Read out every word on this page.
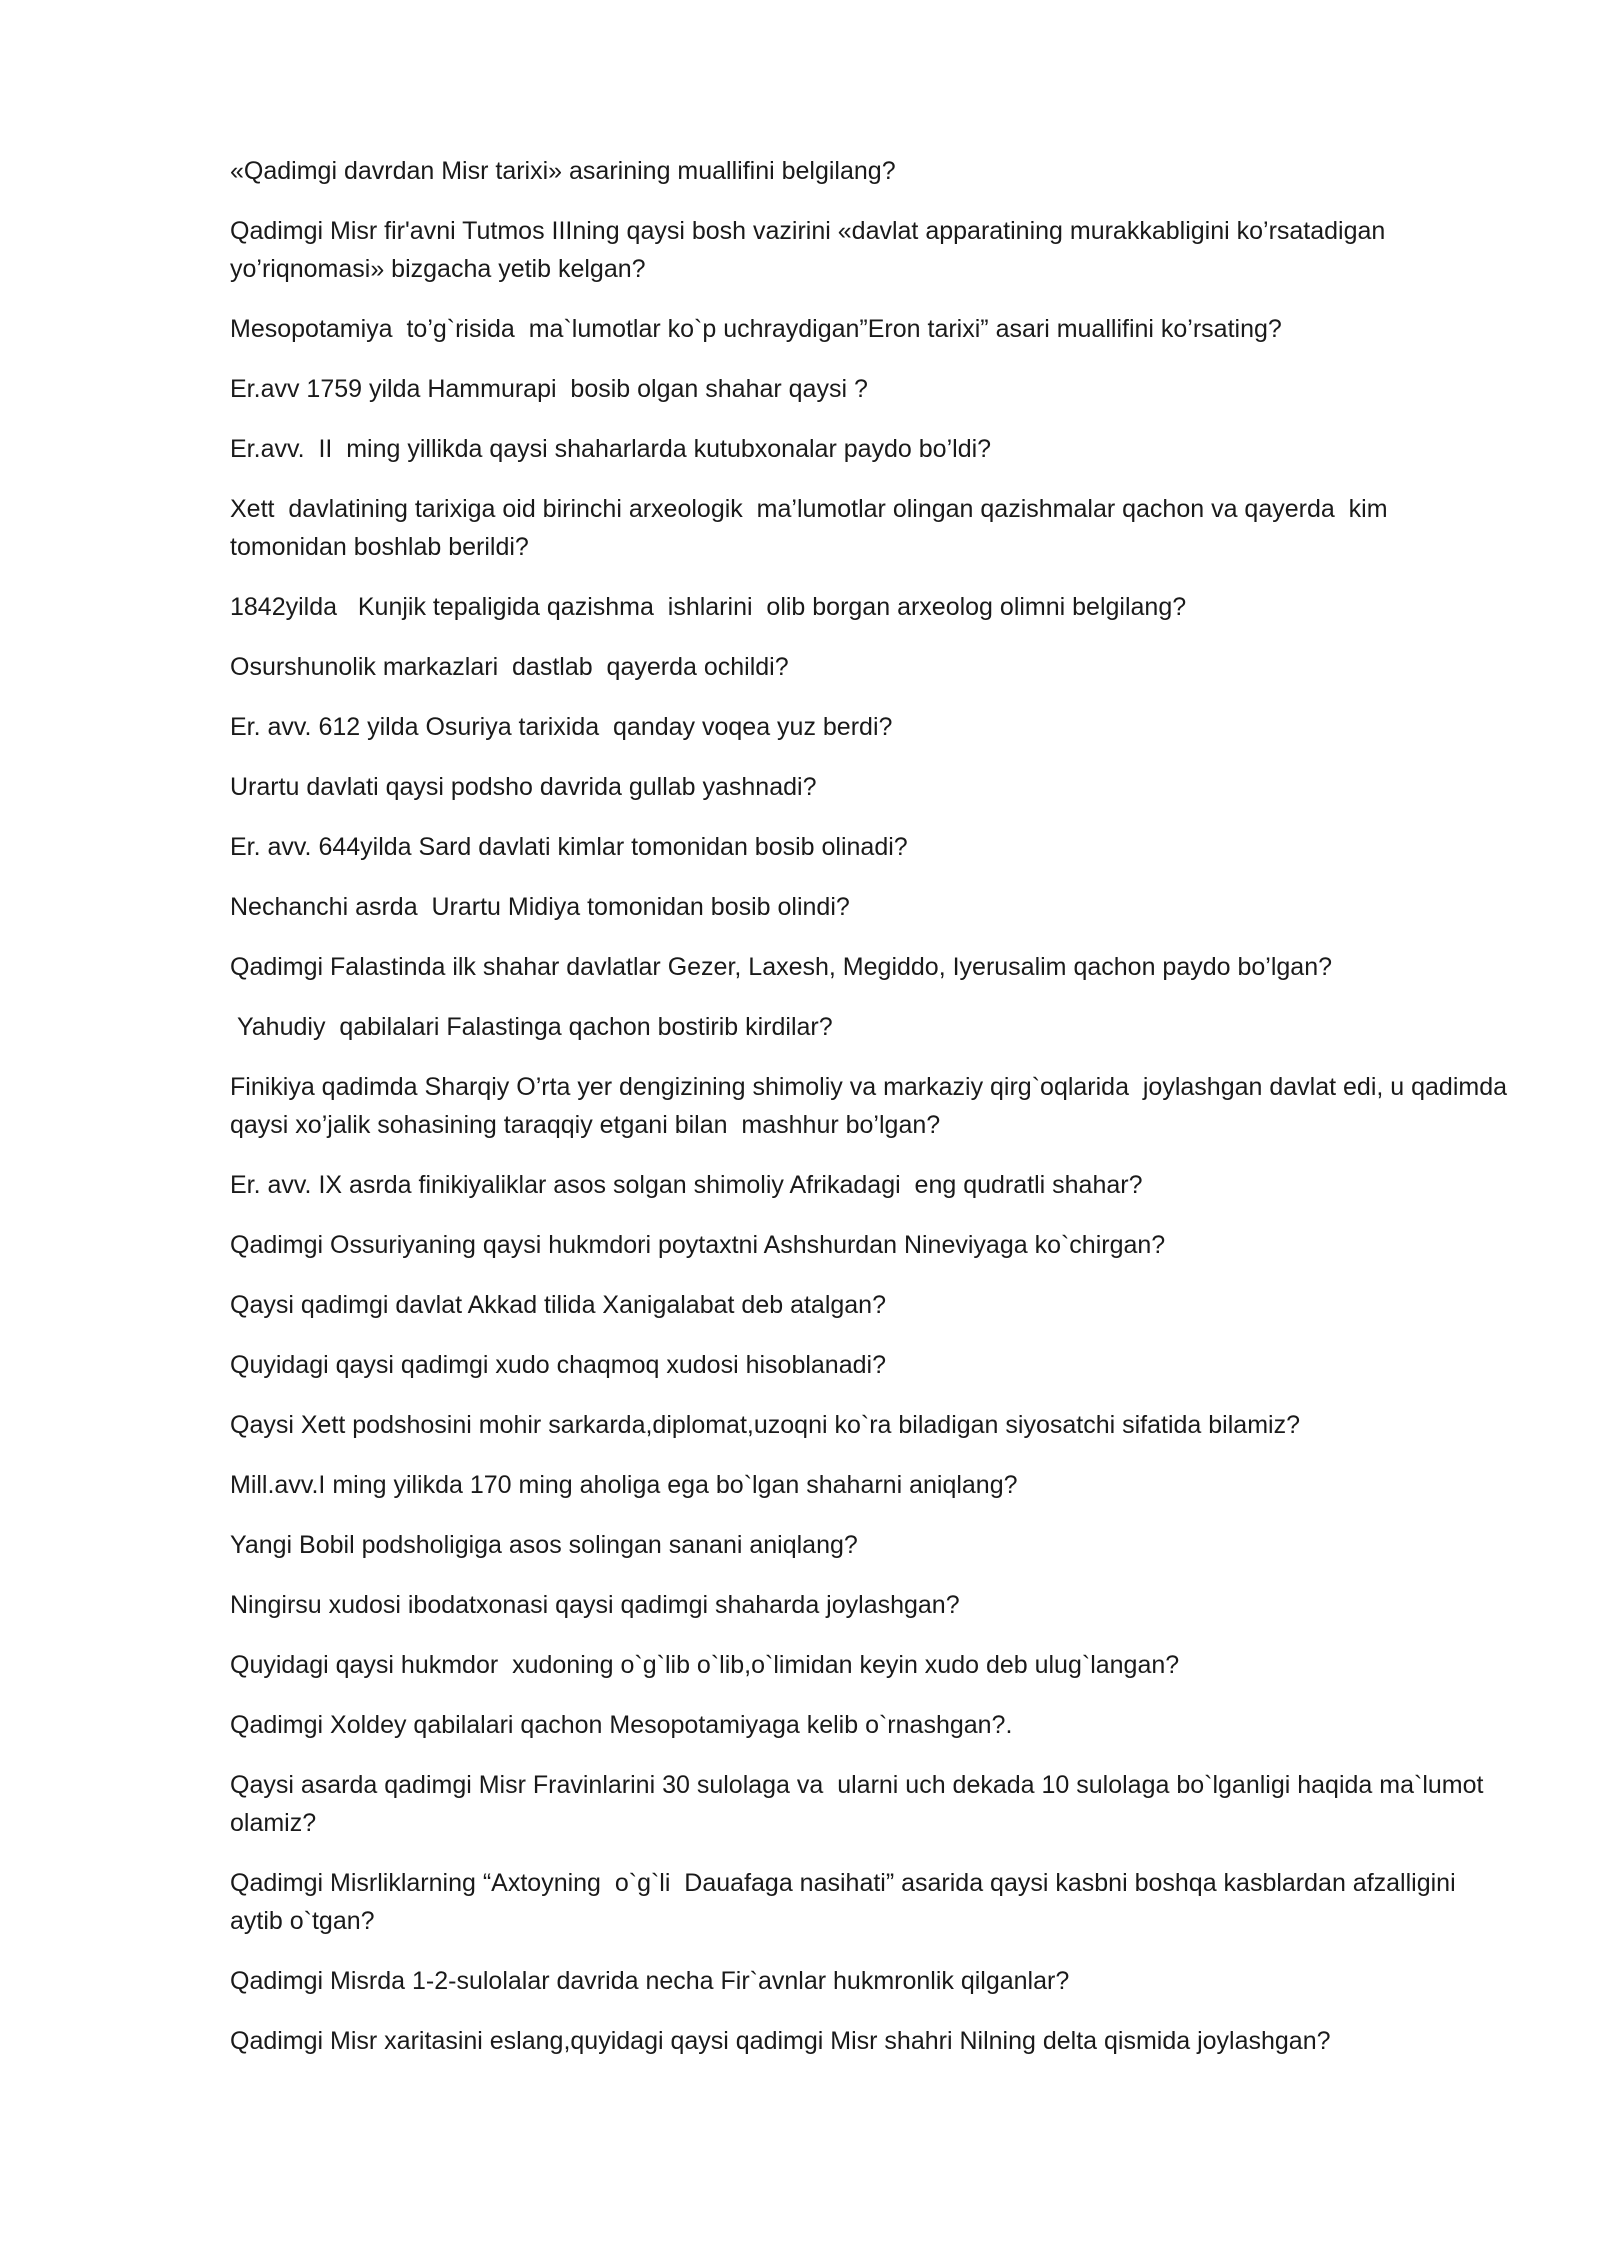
«Qadimgi davrdan Misr tarixi» asarining muallifini belgilang?

Qadimgi Misr fir'avni Tutmos IIIning qaysi bosh vazirini «davlat apparatining murakkabligini ko’rsatadigan yo’riqnomasi» bizgacha yetib kelgan?

Mesopotamiya  to’g`risida  ma`lumotlar ko`p uchraydigan”Eron tarixi” asari muallifini ko’rsating?

Er.avv 1759 yilda Hammurapi  bosib olgan shahar qaysi ?

Er.avv.  II  ming yillikda qaysi shaharlarda kutubxonalar paydo bo’ldi?

Xett  davlatining tarixiga oid birinchi arxeologik  ma’lumotlar olingan qazishmalar qachon va qayerda  kim tomonidan boshlab berildi?

1842yilda   Kunjik tepaligida qazishma  ishlarini  olib borgan arxeolog olimni belgilang?

Osurshunolik markazlari  dastlab  qayerda ochildi?

Er. avv. 612 yilda Osuriya tarixida  qanday voqea yuz berdi?

Urartu davlati qaysi podsho davrida gullab yashnadi?

Er. avv. 644yilda Sard davlati kimlar tomonidan bosib olinadi?

Nechanchi asrda  Urartu Midiya tomonidan bosib olindi?

Qadimgi Falastinda ilk shahar davlatlar Gezer, Laxesh, Megiddo, Iyerusalim qachon paydo bo’lgan?

Yahudiy  qabilalari Falastinga qachon bostirib kirdilar?

Finikiya qadimda Sharqiy O’rta yer dengizining shimoliy va markaziy qirg`oqlarida  joylashgan davlat edi, u qadimda  qaysi xo’jalik sohasining taraqqiy etgani bilan  mashhur bo’lgan?

Er. avv. IX asrda finikiyaliklar asos solgan shimoliy Afrikadagi  eng qudratli shahar?

Qadimgi Ossuriyaning qaysi hukmdori poytaxtni Ashshurdan Nineviyaga ko`chirgan?

Qaysi qadimgi davlat Akkad tilida Xanigalabat deb atalgan?

Quyidagi qaysi qadimgi xudo chaqmoq xudosi hisoblanadi?

Qaysi Xett podshosini mohir sarkarda,diplomat,uzoqni ko`ra biladigan siyosatchi sifatida bilamiz?

Mill.avv.I ming yilikda 170 ming aholiga ega bo`lgan shaharni aniqlang?

Yangi Bobil podsholigiga asos solingan sanani aniqlang?

Ningirsu xudosi ibodatxonasi qaysi qadimgi shaharda joylashgan?

Quyidagi qaysi hukmdor  xudoning o`g`lib o`lib,o`limidan keyin xudo deb ulug`langan?

Qadimgi Xoldey qabilalari qachon Mesopotamiyaga kelib o`rnashgan?.

Qaysi asarda qadimgi Misr Fravinlarini 30 sulolaga va  ularni uch dekada 10 sulolaga bo`lganligi haqida ma`lumot olamiz?

Qadimgi Misrliklarning “Axtoyning  o`g`li  Dauafaga nasihati” asarida qaysi kasbni boshqa kasblardan afzalligini aytib o`tgan?

Qadimgi Misrda 1-2-sulolalar davrida necha Fir`avnlar hukmronlik qilganlar?

Qadimgi Misr xaritasini eslang,quyidagi qaysi qadimgi Misr shahri Nilning delta qismida joylashgan?
